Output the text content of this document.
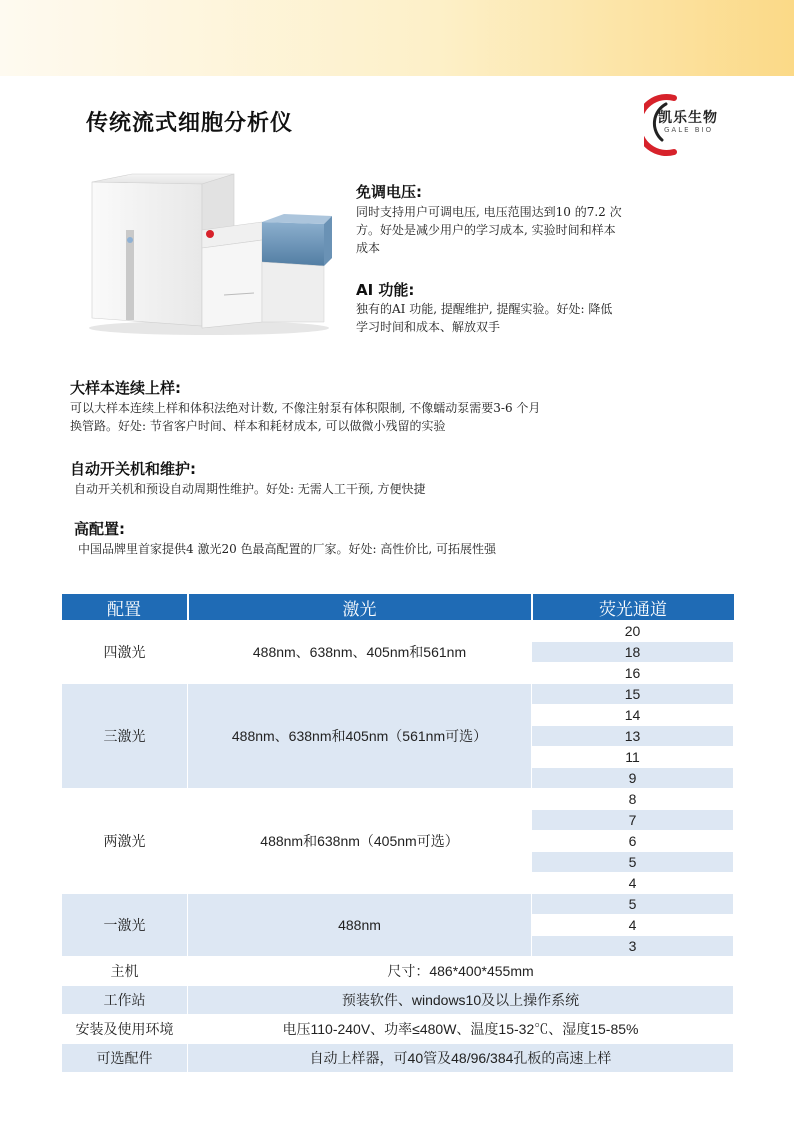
传统流式细胞分析仪	凯乐生物
GALE BIO
免调电压:
同时支持用户可调电压, 电压范围达到10 的7.2 次
方。好处是减少用户的学习成本, 实验时间和样本
成本
AI 功能:
独有的AI 功能, 提醒维护, 提醒实验。好处: 降低
学习时间和成本、解放双手
大样本连续上样:
可以大样本连续上样和体积法绝对计数, 不像注射泵有体积限制, 不像蠕动泵需要3-6 个月
换管路。好处: 节省客户时间、样本和耗材成本, 可以做微小残留的实验
自动开关机和维护:
自动开关机和预设自动周期性维护。好处: 无需人工干预, 方便快捷
高配置:
中国品牌里首家提供4 激光20 色最高配置的厂家。好处: 高性价比, 可拓展性强
配置	激光	荧光通道
四激光	488nm、638nm、405nm和561nm	20
		18
		16
三激光	488nm、638nm和405nm（561nm可选）	15
		14
		13
		11
		9
两激光	488nm和638nm（405nm可选）	8
		7
		6
		5
		4
一激光	488nm	5
		4
		3
主机	尺寸：486*400*455mm	
工作站	预装软件、windows10及以上操作系统	
安装及使用环境	电压110-240V、功率≤480W、温度15-32℃、湿度15-85%	
可选配件	自动上样器，可40管及48/96/384孔板的高速上样	
